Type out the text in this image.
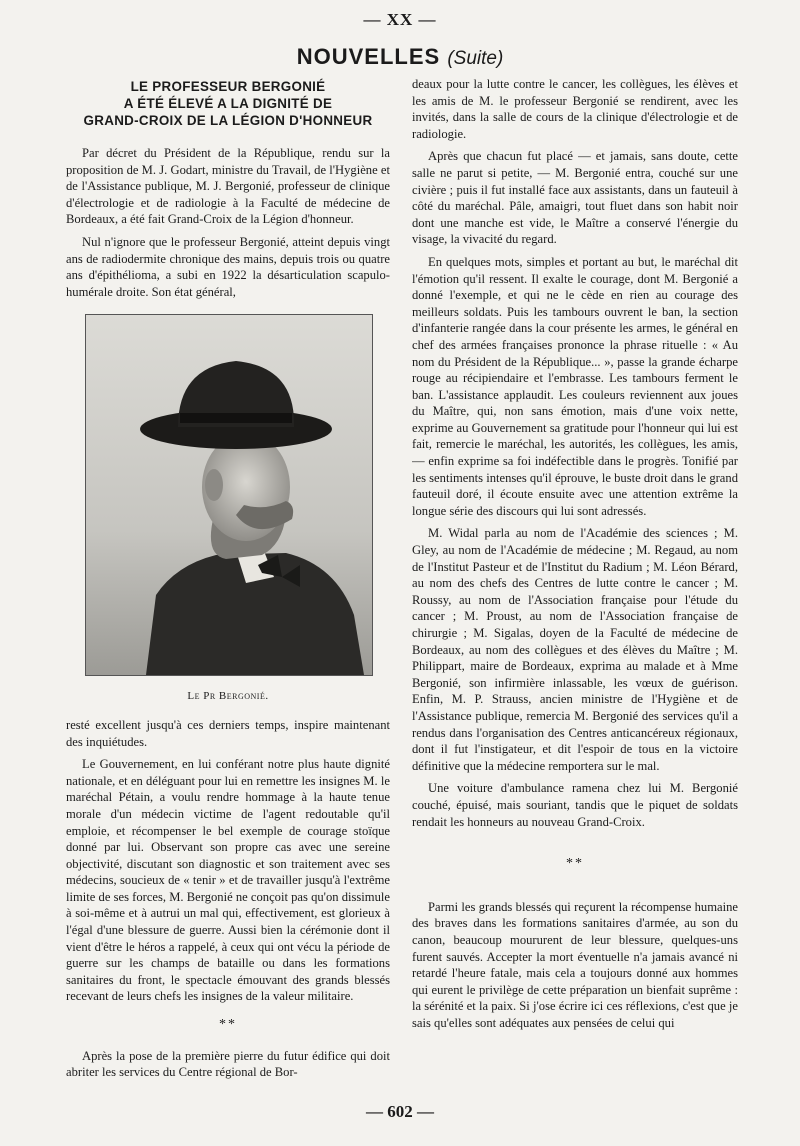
— XX —
NOUVELLES (Suite)
LE PROFESSEUR BERGONIÉ
A ÉTÉ ÉLEVÉ A LA DIGNITÉ DE
GRAND-CROIX DE LA LÉGION D'HONNEUR

Par décret du Président de la République, rendu sur la proposition de M. J. Godart, ministre du Travail, de l'Hygiène et de l'Assistance publique, M. J. Bergonié, professeur de clinique d'électrologie et de radiologie à la Faculté de médecine de Bordeaux, a été fait Grand-Croix de la Légion d'honneur.

Nul n'ignore que le professeur Bergonié, atteint depuis vingt ans de radiodermite chronique des mains, depuis trois ou quatre ans d'épithélioma, a subi en 1922 la désarticulation scapulo-humérale droite. Son état général,

Le Pr Bergonié.

resté excellent jusqu'à ces derniers temps, inspire maintenant des inquiétudes.

Le Gouvernement, en lui conférant notre plus haute dignité nationale, et en déléguant pour lui en remettre les insignes M. le maréchal Pétain, a voulu rendre hommage à la haute tenue morale d'un médecin victime de l'agent redoutable qu'il emploie, et récompenser le bel exemple de courage stoïque donné par lui. Observant son propre cas avec une sereine objectivité, discutant son diagnostic et son traitement avec ses médecins, soucieux de « tenir » et de travailler jusqu'à l'extrême limite de ses forces, M. Bergonié ne conçoit pas qu'on dissimule à soi-même et à autrui un mal qui, effectivement, est glorieux à l'égal d'une blessure de guerre. Aussi bien la cérémonie dont il vient d'être le héros a rappelé, à ceux qui ont vécu la période de guerre sur les champs de bataille ou dans les formations sanitaires du front, le spectacle émouvant des grands blessés recevant de leurs chefs les insignes de la valeur militaire.

**

Après la pose de la première pierre du futur édifice qui doit abriter les services du Centre régional de Bor-

deaux pour la lutte contre le cancer, les collègues, les élèves et les amis de M. le professeur Bergonié se rendirent, avec les invités, dans la salle de cours de la clinique d'électrologie et de radiologie.

Après que chacun fut placé — et jamais, sans doute, cette salle ne parut si petite, — M. Bergonié entra, couché sur une civière ; puis il fut installé face aux assistants, dans un fauteuil à côté du maréchal. Pâle, amaigri, tout fluet dans son habit noir dont une manche est vide, le Maître a conservé l'énergie du visage, la vivacité du regard.

En quelques mots, simples et portant au but, le maréchal dit l'émotion qu'il ressent. Il exalte le courage, dont M. Bergonié a donné l'exemple, et qui ne le cède en rien au courage des meilleurs soldats. Puis les tambours ouvrent le ban, la section d'infanterie rangée dans la cour présente les armes, le général en chef des armées françaises prononce la phrase rituelle : « Au nom du Président de la République... », passe la grande écharpe rouge au récipiendaire et l'embrasse. Les tambours ferment le ban. L'assistance applaudit. Les couleurs reviennent aux joues du Maître, qui, non sans émotion, mais d'une voix nette, exprime au Gouvernement sa gratitude pour l'honneur qui lui est fait, remercie le maréchal, les autorités, les collègues, les amis, — enfin exprime sa foi indéfectible dans le progrès. Tonifié par les sentiments intenses qu'il éprouve, le buste droit dans le grand fauteuil doré, il écoute ensuite avec une attention extrême la longue série des discours qui lui sont adressés.

M. Widal parla au nom de l'Académie des sciences ; M. Gley, au nom de l'Académie de médecine ; M. Regaud, au nom de l'Institut Pasteur et de l'Institut du Radium ; M. Léon Bérard, au nom des chefs des Centres de lutte contre le cancer ; M. Roussy, au nom de l'Association française pour l'étude du cancer ; M. Proust, au nom de l'Association française de chirurgie ; M. Sigalas, doyen de la Faculté de médecine de Bordeaux, au nom des collègues et des élèves du Maître ; M. Philippart, maire de Bordeaux, exprima au malade et à Mme Bergonié, son infirmière inlassable, les vœux de guérison. Enfin, M. P. Strauss, ancien ministre de l'Hygiène et de l'Assistance publique, remercia M. Bergonié des services qu'il a rendus dans l'organisation des Centres anticancéreux régionaux, dont il fut l'instigateur, et dit l'espoir de tous en la victoire définitive que la médecine remportera sur le mal.

Une voiture d'ambulance ramena chez lui M. Bergonié couché, épuisé, mais souriant, tandis que le piquet de soldats rendait les honneurs au nouveau Grand-Croix.

**

Parmi les grands blessés qui reçurent la récompense humaine des braves dans les formations sanitaires d'armée, au son du canon, beaucoup moururent de leur blessure, quelques-uns furent sauvés. Accepter la mort éventuelle n'a jamais avancé ni retardé l'heure fatale, mais cela a toujours donné aux hommes qui eurent le privilège de cette préparation un bienfait suprême : la sérénité et la paix. Si j'ose écrire ici ces réflexions, c'est que je sais qu'elles sont adéquates aux pensées de celui qui

— 602 —
